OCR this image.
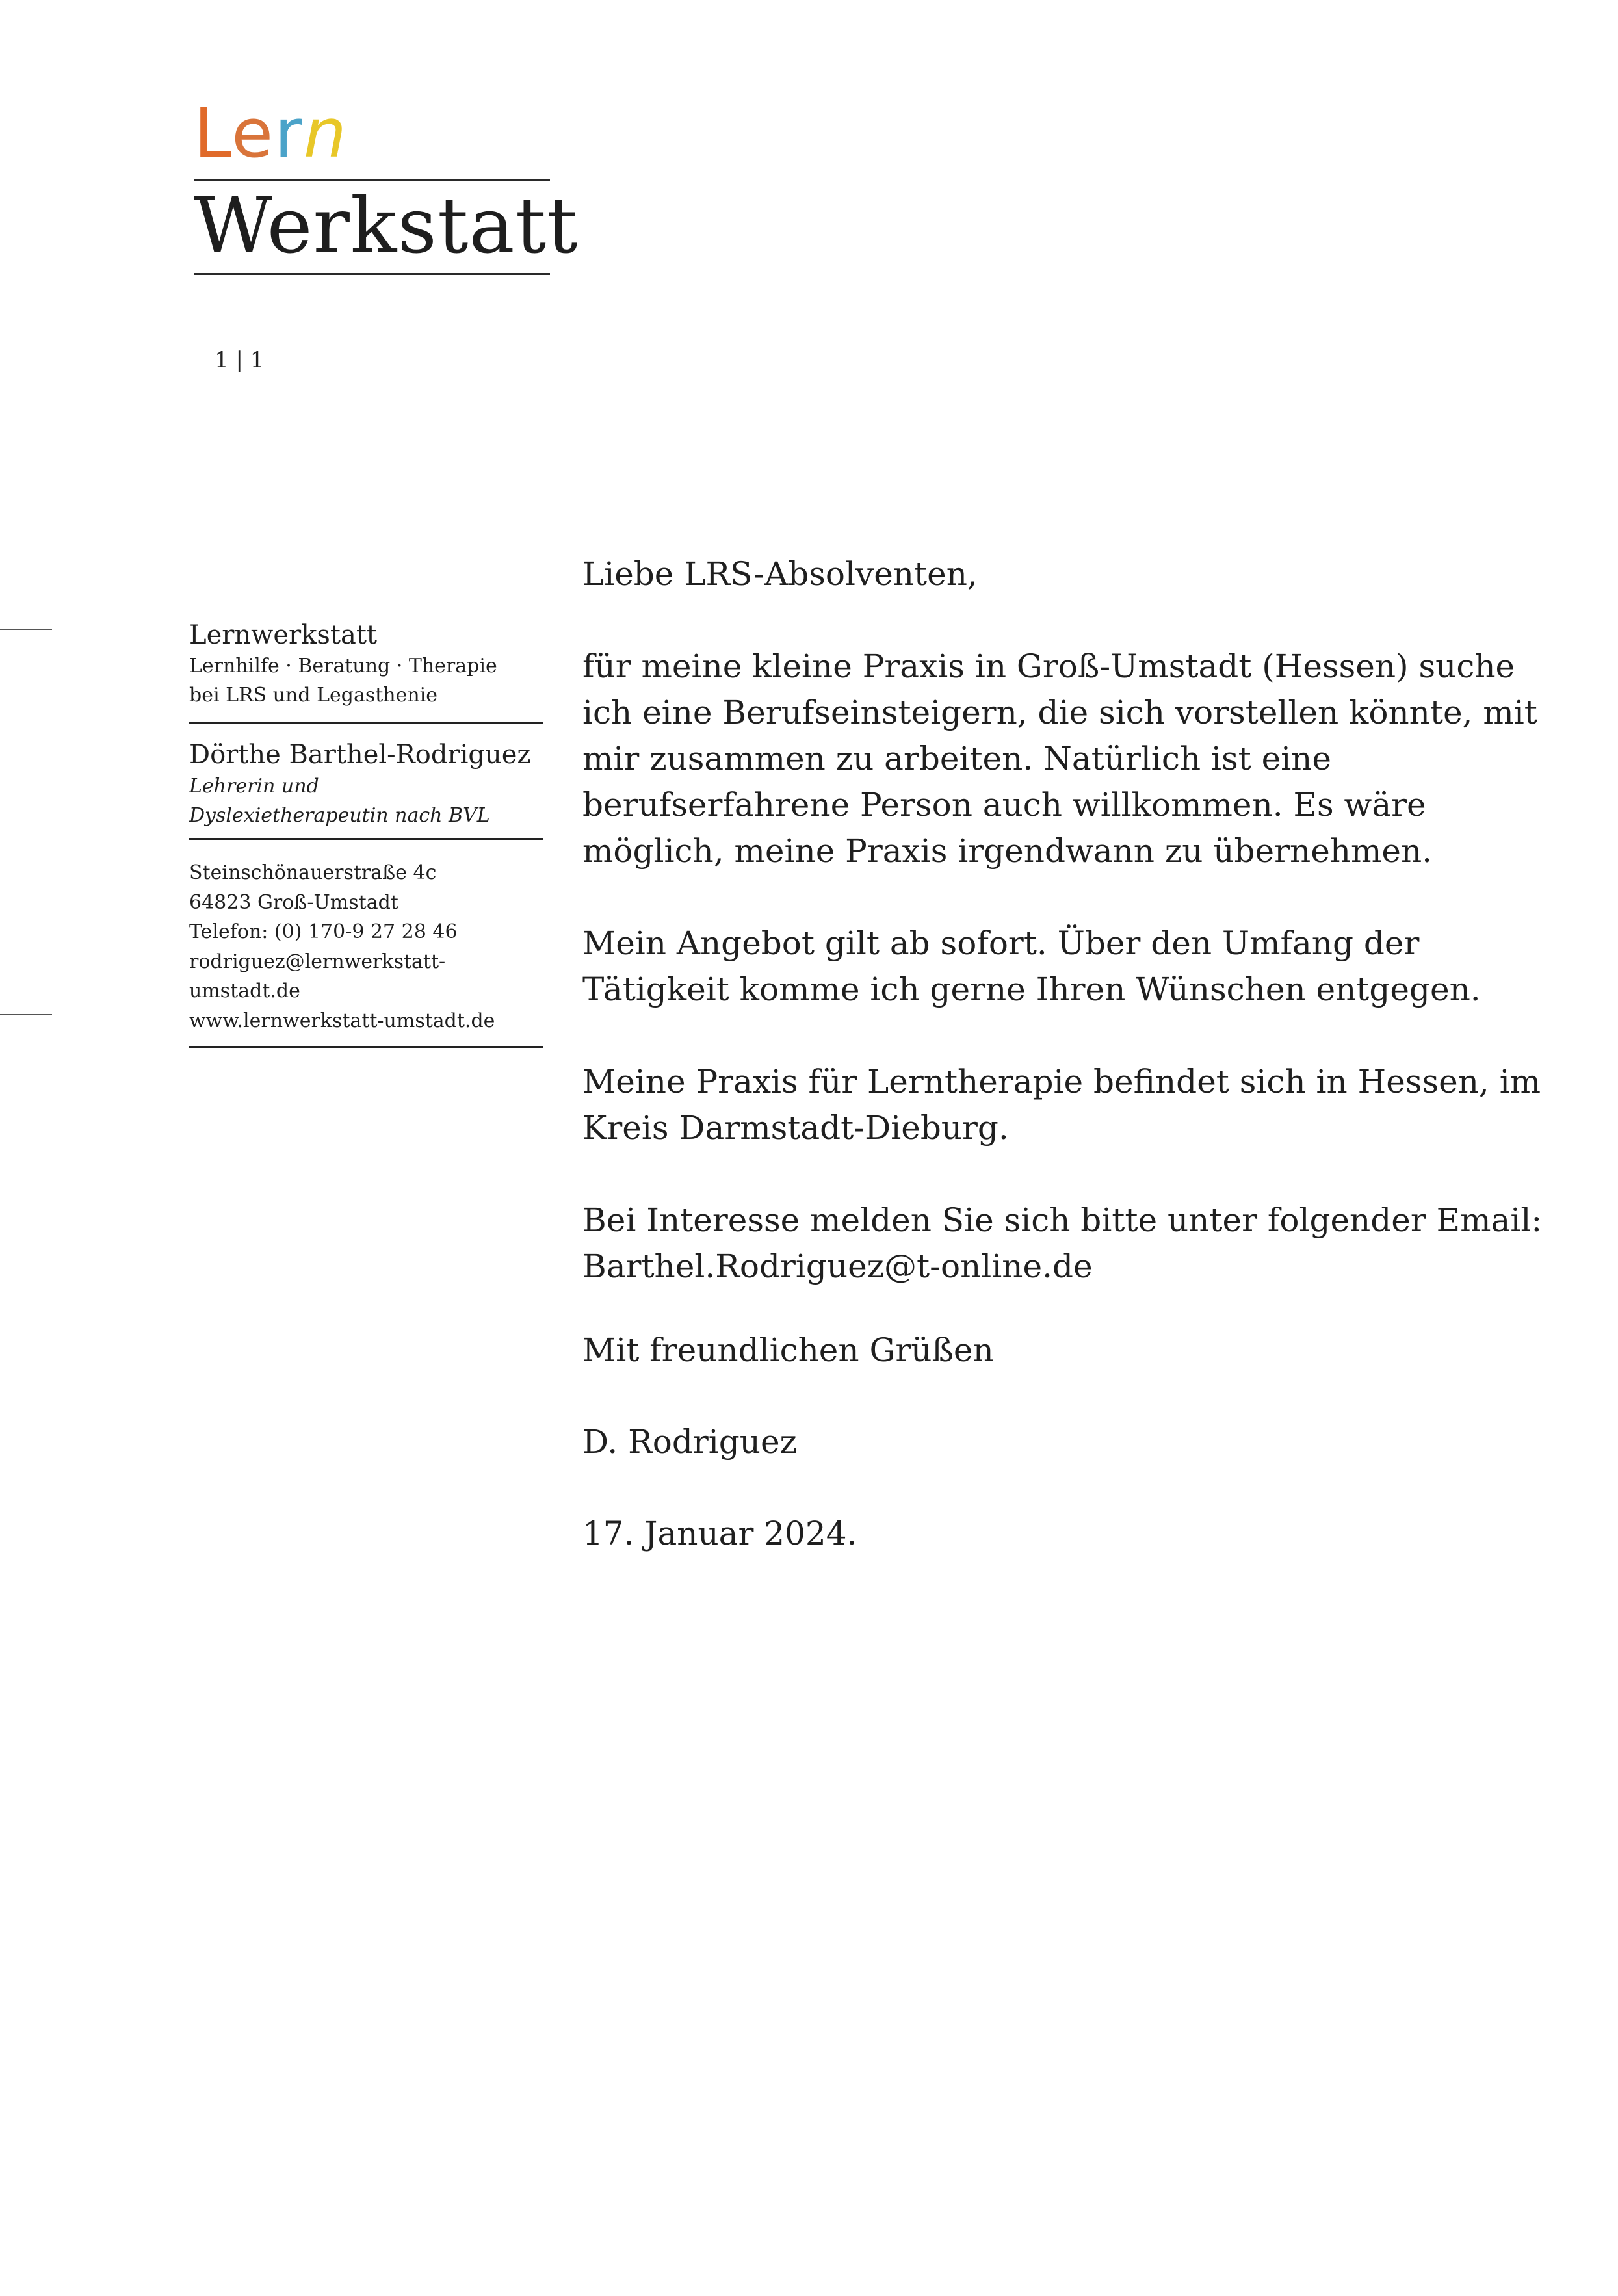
Lern
Werkstatt
1 | 1
Lernwerkstatt
Lernhilfe · Beratung · Therapie
bei LRS und Legasthenie
Dörthe Barthel-Rodriguez
Lehrerin und
Dyslexietherapeutin nach BVL
Steinschönauerstraße 4c
64823 Groß-Umstadt
Telefon: (0) 170-9 27 28 46
rodriguez@lernwerkstatt-umstadt.de
www.lernwerkstatt-umstadt.de

Liebe LRS-Absolventen,

für meine kleine Praxis in Groß-Umstadt (Hessen) suche ich eine Berufseinsteigern, die sich vorstellen könnte, mit mir zusammen zu arbeiten. Natürlich ist eine berufserfahrene Person auch willkommen. Es wäre möglich, meine Praxis irgendwann zu übernehmen.

Mein Angebot gilt ab sofort. Über den Umfang der Tätigkeit komme ich gerne Ihren Wünschen entgegen.

Meine Praxis für Lerntherapie befindet sich in Hessen, im Kreis Darmstadt-Dieburg.

Bei Interesse melden Sie sich bitte unter folgender Email:

Barthel.Rodriguez@t-online.de

Mit freundlichen Grüßen

D. Rodriguez

17. Januar 2024.
